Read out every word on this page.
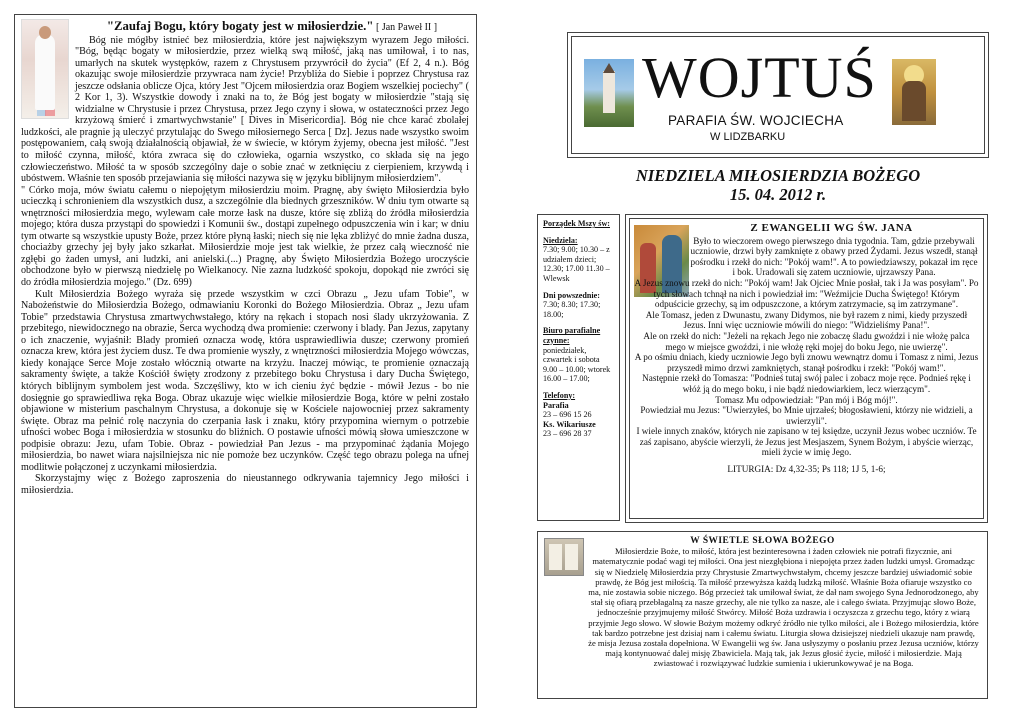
"Zaufaj Bogu, który bogaty jest w miłosierdzie." [ Jan Paweł II ]

Bóg nie mógłby istnieć bez miłosierdzia, które jest największym wyrazem Jego miłości. "Bóg, będąc bogaty w miłosierdzie, przez wielką swą miłość, jaką nas umiłował, i to nas, umarłych na skutek występków, razem z Chrystusem przywrócił do życia" (Ef 2, 4 n.). Bóg okazując swoje miłosierdzie przywraca nam życie! Przybliża do Siebie i poprzez Chrystusa raz jeszcze odsłania oblicze Ojca, który Jest "Ojcem miłosierdzia oraz Bogiem wszelkiej pociechy" ( 2 Kor 1, 3). Wszystkie dowody i znaki na to, że Bóg jest bogaty w miłosierdzie "stają się widzialne w Chrystusie i przez Chrystusa, przez Jego czyny i słowa, w ostateczności przez Jego krzyżową śmierć i zmartwychwstanie" [ Dives in Misericordia]. Bóg nie chce karać zbolałej ludzkości, ale pragnie ją uleczyć przytulając do Swego miłosiernego Serca [ Dz]. Jezus nade wszystko swoim postępowaniem, całą swoją działalnością objawiał, że w świecie, w którym żyjemy, obecna jest miłość. "Jest to miłość czynna, miłość, która zwraca się do człowieka, ogarnia wszystko, co składa się na jego człowieczeństwo. Miłość ta w sposób szczególny daje o sobie znać w zetknięciu z cierpieniem, krzywdą i ubóstwem. Właśnie ten sposób przejawiania się miłości nazywa się w języku biblijnym miłosierdziem".

" Córko moja, mów światu całemu o niepojętym miłosierdziu moim. Pragnę, aby święto Miłosierdzia było ucieczką i schronieniem dla wszystkich dusz, a szczególnie dla biednych grzeszników. W dniu tym otwarte są wnętrzności miłosierdzia mego, wylewam całe morze łask na dusze, które się zbliżą do źródła miłosierdzia mojego; która dusza przystąpi do spowiedzi i Komunii św., dostąpi zupełnego odpuszczenia win i kar; w dniu tym otwarte są wszystkie upusty Boże, przez które płyną łaski; niech się nie lęka zbliżyć do mnie żadna dusza, chociażby grzechy jej były jako szkarłat. Miłosierdzie moje jest tak wielkie, że przez całą wieczność nie zgłębi go żaden umysł, ani ludzki, ani anielski.(...) Pragnę, aby Święto Miłosierdzia Bożego uroczyście obchodzone było w pierwszą niedzielę po Wielkanocy. Nie zazna ludzkość spokoju, dopokąd nie zwróci się do źródła miłosierdzia mojego." (Dz. 699)

Kult Miłosierdzia Bożego wyraża się przede wszystkim w czci Obrazu „ Jezu ufam Tobie", w Nabożeństwie do Miłosierdzia Bożego, odmawianiu Koronki do Bożego Miłosierdzia. Obraz „ Jezu ufam Tobie" przedstawia Chrystusa zmartwychwstałego, który na rękach i stopach nosi ślady ukrzyżowania. Z przebitego, niewidocznego na obrazie, Serca wychodzą dwa promienie: czerwony i blady. Pan Jezus, zapytany o ich znaczenie, wyjaśnił: Blady promień oznacza wodę, która usprawiedliwia dusze; czerwony promień oznacza krew, która jest życiem dusz. Te dwa promienie wyszły, z wnętrzności miłosierdzia Mojego wówczas, kiedy konające Serce Moje zostało włócznią otwarte na krzyżu. Inaczej mówiąc, te promienie oznaczają sakramenty święte, a także Kościół święty zrodzony z przebitego boku Chrystusa i dary Ducha Świętego, których biblijnym symbolem jest woda. Szczęśliwy, kto w ich cieniu żyć będzie - mówił Jezus - bo nie dosięgnie go sprawiedliwa ręka Boga. Obraz ukazuje więc wielkie miłosierdzie Boga, które w pełni zostało objawione w misterium paschalnym Chrystusa, a dokonuje się w Kościele najowocniej przez sakramenty święte. Obraz ma pełnić rolę naczynia do czerpania łask i znaku, który przypomina wiernym o potrzebie ufności wobec Boga i miłosierdzia w stosunku do bliźnich. O postawie ufności mówią słowa umieszczone w podpisie obrazu: Jezu, ufam Tobie. Obraz - powiedział Pan Jezus - ma przypominać żądania Mojego miłosierdzia, bo nawet wiara najsilniejsza nic nie pomoże bez uczynków. Część tego obrazu polega na ufnej modlitwie połączonej z uczynkami miłosierdzia.

Skorzystajmy więc z Bożego zaproszenia do nieustannego odkrywania tajemnicy Jego miłości i miłosierdzia.

WOJTUŚ
PARAFIA ŚW. WOJCIECHA
W LIDZBARKU
NIEDZIELA MIŁOSIERDZIA BOŻEGO
15. 04. 2012 r.

Porządek Mszy św:

Niedziela:
7.30; 9.00; 10.30 – z udziałem dzieci; 12.30; 17.00 11.30 – Wlewsk

Dni powszednie:
7.30; 8.30; 17.30; 18.00;

Biuro parafialne czynne:
poniedziałek, czwartek i sobota 9.00 – 10.00; wtorek 16.00 – 17.00;

Telefony:
Parafia
23 – 696 15 26
Ks. Wikariusze
23 – 696 28 37

Z EWANGELII WG ŚW. JANA

Było to wieczorem owego pierwszego dnia tygodnia. Tam, gdzie przebywali uczniowie, drzwi były zamknięte z obawy przed Żydami. Jezus wszedł, stanął pośrodku i rzekł do nich: "Pokój wam!". A to powiedziawszy, pokazał im ręce i bok. Uradowali się zatem uczniowie, ujrzawszy Pana.

A Jezus znowu rzekł do nich: "Pokój wam! Jak Ojciec Mnie posłał, tak i Ja was posyłam". Po tych słowach tchnął na nich i powiedział im: "Weźmijcie Ducha Świętego! Którym odpuścicie grzechy, są im odpuszczone, a którym zatrzymacie, są im zatrzymane".

Ale Tomasz, jeden z Dwunastu, zwany Didymos, nie był razem z nimi, kiedy przyszedł Jezus. Inni więc uczniowie mówili do niego: "Widzieliśmy Pana!".

Ale on rzekł do nich: "Jeżeli na rękach Jego nie zobaczę śladu gwoździ i nie włożę palca mego w miejsce gwoździ, i nie włożę ręki mojej do boku Jego, nie uwierzę".

A po ośmiu dniach, kiedy uczniowie Jego byli znowu wewnątrz domu i Tomasz z nimi, Jezus przyszedł mimo drzwi zamkniętych, stanął pośrodku i rzekł: "Pokój wam!".

Następnie rzekł do Tomasza: "Podnieś tutaj swój palec i zobacz moje ręce. Podnieś rękę i włóż ją do mego boku, i nie bądź niedowiarkiem, lecz wierzącym".

Tomasz Mu odpowiedział: "Pan mój i Bóg mój!".

Powiedział mu Jezus: "Uwierzyłeś, bo Mnie ujrzałeś; błogosławieni, którzy nie widzieli, a uwierzyli".

I wiele innych znaków, których nie zapisano w tej księdze, uczynił Jezus wobec uczniów. Te zaś zapisano, abyście wierzyli, że Jezus jest Mesjaszem, Synem Bożym, i abyście wierząc, mieli życie w imię Jego.

LITURGIA: Dz 4,32-35; Ps 118; 1J 5, 1-6;

W ŚWIETLE SŁOWA BOŻEGO

Miłosierdzie Boże, to miłość, która jest bezinteresowna i żaden człowiek nie potrafi fizycznie, ani matematycznie podać wagi tej miłości. Ona jest niezgłębiona i niepojęta przez żaden ludzki umysł. Gromadząc się w Niedzielę Miłosierdzia przy Chrystusie Zmartwychwstałym, chcemy jeszcze bardziej uświadomić sobie prawdę, że Bóg jest miłością. Ta miłość przewyższa każdą ludzką miłość. Właśnie Boża ofiaruje wszystko co ma, nie zostawia sobie niczego. Bóg przecież tak umiłował świat, że dał nam swojego Syna Jednorodzonego, aby stał się ofiarą przebłagalną za nasze grzechy, ale nie tylko za nasze, ale i całego świata. Przyjmując słowo Boże, jednocześnie przyjmujemy miłość Stwórcy. Miłość Boża uzdrawia i oczyszcza z grzechu tego, który z wiarą przyjmie Jego słowo. W słowie Bożym możemy odkryć źródło nie tylko miłości, ale i Bożego miłosierdzia, które tak bardzo potrzebne jest dzisiaj nam i całemu światu. Liturgia słowa dzisiejszej niedzieli ukazuje nam prawdę, że misja Jezusa została dopełniona. W Ewangelii wg św. Jana usłyszymy o posłaniu przez Jezusa uczniów, którzy mają kontynuować dalej misję Zbawiciela. Mają tak, jak Jezus głosić życie, miłość i miłosierdzie. Mają zwiastować i rozwiązywać ludzkie sumienia i ukierunkowywać je na Boga.
